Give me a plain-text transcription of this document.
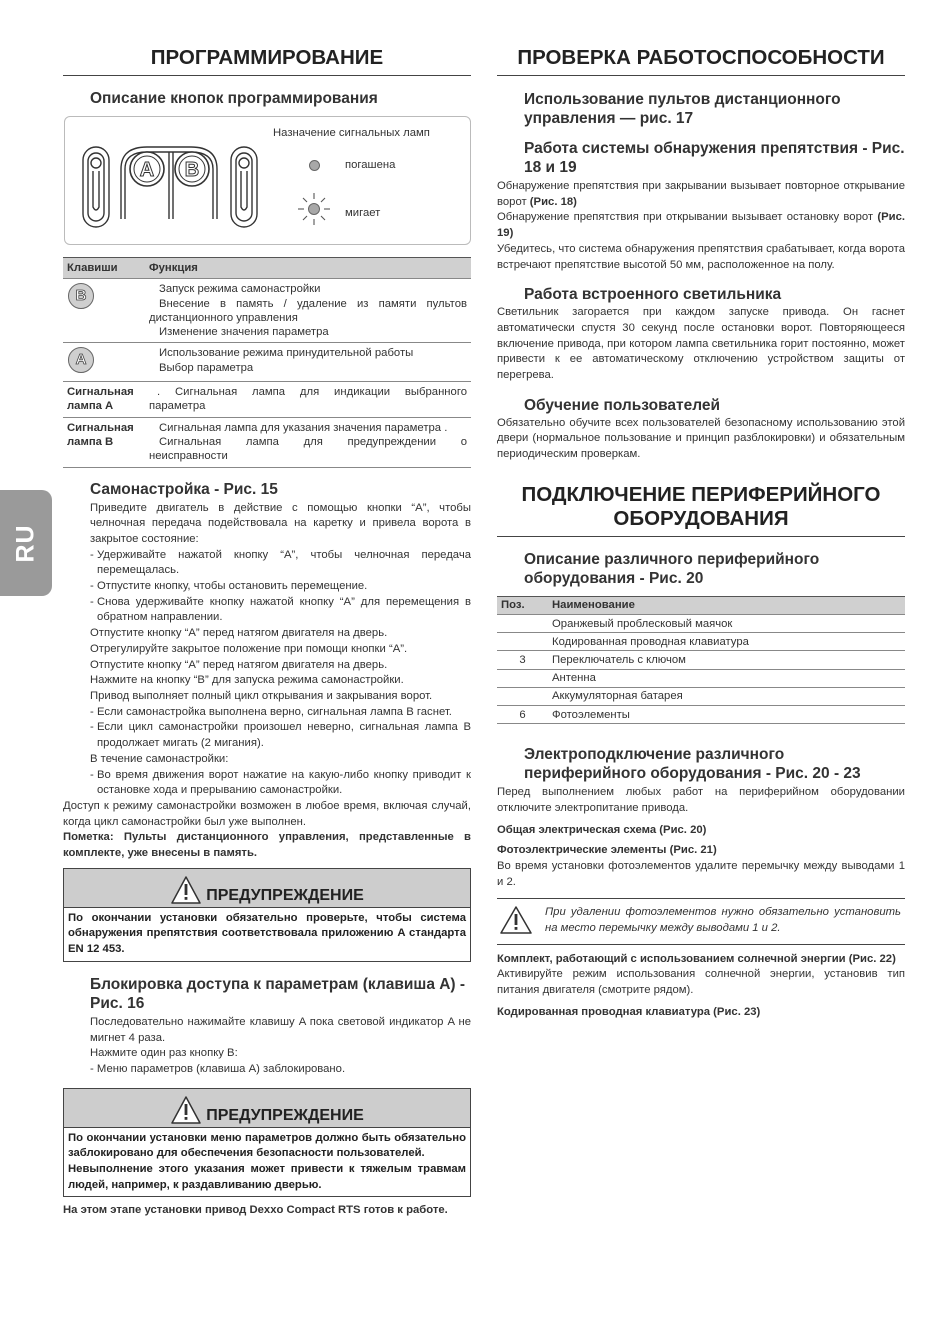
RU
ПРОГРАММИРОВАНИЕ
Описание кнопок программирования
A B
Назначение сигнальных ламп
погашена
мигает
Клавиши	Функция

B	Запуск режима самонастройки
Внесение в память / удаление из памяти пультов
дистанционного управления
Изменение значения параметра

A	Использование режима принудительной работы
Выбор параметра

Сигнальная лампа A	. Сигнальная лампа для индикации выбранного
параметра

Сигнальная лампа B	Сигнальная лампа для указания значения параметра .
Сигнальная лампа для предупреждении о
неисправности
Самонастройка - Рис. 15
Приведите двигатель в действие с помощью кнопки “A”, чтобы челночная передача подействовала на каретку и привела ворота в закрытое состояние:
- Удерживайте нажатой кнопку “A”, чтобы челночная передача перемещалась.
- Отпустите кнопку, чтобы остановить перемещение.
- Снова удерживайте кнопку нажатой кнопку “A” для перемещения в обратном направлении.
Отпустите кнопку “A” перед натягом двигателя на дверь.
Отрегулируйте закрытое положение при помощи кнопки “A”.
Отпустите кнопку “A” перед натягом двигателя на дверь.
Нажмите на кнопку “B” для запуска режима самонастройки.
Привод выполняет полный цикл открывания и закрывания ворот.
- Если самонастройка выполнена верно, сигнальная лампа B гаснет.
- Если цикл самонастройки произошел неверно, сигнальная лампа B продолжает мигать (2 мигания).
В течение самонастройки:
- Во время движения ворот нажатие на какую-либо кнопку приводит к остановке хода и прерыванию самонастройки.
Доступ к режиму самонастройки возможен в любое время, включая случай, когда цикл самонастройки был уже выполнен.
Пометка: Пульты дистанционного управления, представленные в комплекте, уже внесены в память.
ПРЕДУПРЕЖДЕНИЕ
По окончании установки обязательно проверьте, чтобы система обнаружения препятствия соответствовала приложению A стандарта EN 12 453.
Блокировка доступа к параметрам (клавиша А) - Рис. 16
Последовательно нажимайте клавишу A пока световой индикатор A не мигнет 4 раза.
Нажмите один раз кнопку B:
- Меню параметров (клавиша A) заблокировано.
ПРЕДУПРЕЖДЕНИЕ
По окончании установки меню параметров должно быть обязательно заблокировано для обеспечения безопасности пользователей.
Невыполнение этого указания может привести к тяжелым травмам людей, например, к раздавливанию дверью.
На этом этапе установки привод Dexxo Compact RTS готов к работе.
ПРОВЕРКА РАБОТОСПОСОБНОСТИ
Использование пультов дистанционного управления — рис. 17
Работа системы обнаружения препятствия - Рис. 18 и 19
Обнаружение препятствия при закрывании вызывает повторное открывание ворот (Рис. 18)
Обнаружение препятствия при открывании вызывает остановку ворот (Рис. 19)
Убедитесь, что система обнаружения препятствия срабатывает, когда ворота встречают препятствие высотой 50 мм, расположенное на полу.
Работа встроенного светильника
Светильник загорается при каждом запуске привода. Он гаснет автоматически спустя 30 секунд после остановки ворот. Повторяющееся включение привода, при котором лампа светильника горит постоянно, может привести к ее автоматическому отключению устройством защиты от перегрева.
Обучение пользователей
Обязательно обучите всех пользователей безопасному использованию этой двери (нормальное пользование и принцип разблокировки) и обязательным периодическим проверкам.
ПОДКЛЮЧЕНИЕ ПЕРИФЕРИЙНОГО
ОБОРУДОВАНИЯ
Описание различного периферийного оборудования - Рис. 20
Поз.	Наименование
	Оранжевый проблесковый маячок
	Кодированная проводная клавиатура
3	Переключатель с ключом
	Антенна
	Аккумуляторная батарея
6	Фотоэлементы
Электроподключение различного периферийного оборудования - Рис. 20 - 23
Перед выполнением любых работ на периферийном оборудовании отключите электропитание привода.
Общая электрическая схема (Рис. 20)
Фотоэлектрические элементы (Рис. 21)
Во время установки фотоэлементов удалите перемычку между выводами 1 и 2.
При удалении фотоэлементов нужно обязательно установить на место перемычку между выводами 1 и 2.
Комплект, работающий с использованием солнечной энергии (Рис. 22)
Активируйте режим использования солнечной энергии, установив тип питания двигателя (смотрите рядом).
Кодированная проводная клавиатура (Рис. 23)
